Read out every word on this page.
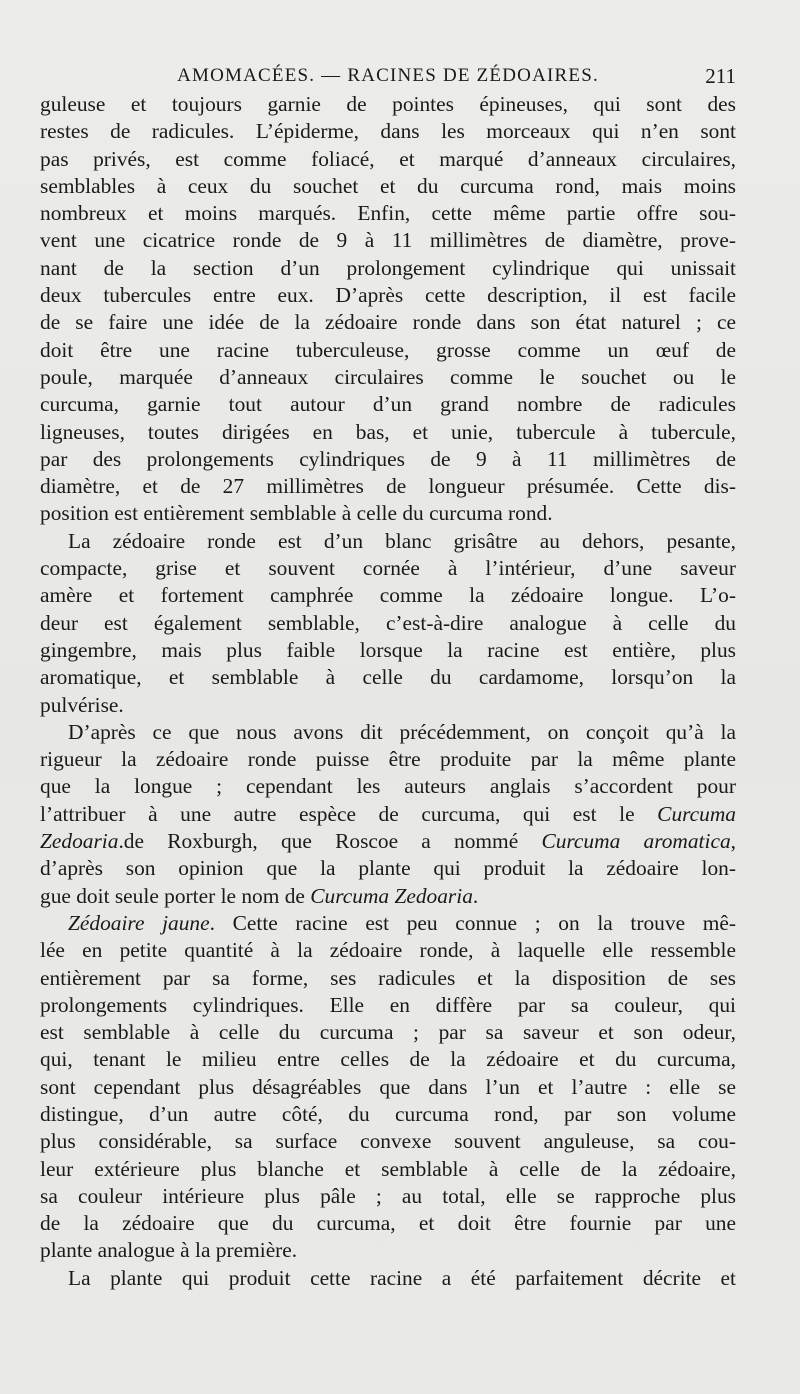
AMOMACÉES. — RACINES DE ZÉDOAIRES.	211
guleuse et toujours garnie de pointes épineuses, qui sont des
restes de radicules. L’épiderme, dans les morceaux qui n’en sont
pas privés, est comme foliacé, et marqué d’anneaux circulaires,
semblables à ceux du souchet et du curcuma rond, mais moins
nombreux et moins marqués. Enfin, cette même partie offre sou-
vent une cicatrice ronde de 9 à 11 millimètres de diamètre, prove-
nant de la section d’un prolongement cylindrique qui unissait
deux tubercules entre eux. D’après cette description, il est facile
de se faire une idée de la zédoaire ronde dans son état naturel ; ce
doit être une racine tuberculeuse, grosse comme un œuf de
poule, marquée d’anneaux circulaires comme le souchet ou le
curcuma, garnie tout autour d’un grand nombre de radicules
ligneuses, toutes dirigées en bas, et unie, tubercule à tubercule,
par des prolongements cylindriques de 9 à 11 millimètres de
diamètre, et de 27 millimètres de longueur présumée. Cette dis-
position est entièrement semblable à celle du curcuma rond.
La zédoaire ronde est d’un blanc grisâtre au dehors, pesante,
compacte, grise et souvent cornée à l’intérieur, d’une saveur
amère et fortement camphrée comme la zédoaire longue. L’o-
deur est également semblable, c’est-à-dire analogue à celle du
gingembre, mais plus faible lorsque la racine est entière, plus
aromatique, et semblable à celle du cardamome, lorsqu’on la
pulvérise.
D’après ce que nous avons dit précédemment, on conçoit qu’à la
rigueur la zédoaire ronde puisse être produite par la même plante
que la longue ; cependant les auteurs anglais s’accordent pour
l’attribuer à une autre espèce de curcuma, qui est le Curcuma
Zedoaria.de Roxburgh, que Roscoe a nommé Curcuma aromatica,
d’après son opinion que la plante qui produit la zédoaire lon-
gue doit seule porter le nom de Curcuma Zedoaria.
Zédoaire jaune. Cette racine est peu connue ; on la trouve mê-
lée en petite quantité à la zédoaire ronde, à laquelle elle ressemble
entièrement par sa forme, ses radicules et la disposition de ses
prolongements cylindriques. Elle en diffère par sa couleur, qui
est semblable à celle du curcuma ; par sa saveur et son odeur,
qui, tenant le milieu entre celles de la zédoaire et du curcuma,
sont cependant plus désagréables que dans l’un et l’autre : elle se
distingue, d’un autre côté, du curcuma rond, par son volume
plus considérable, sa surface convexe souvent anguleuse, sa cou-
leur extérieure plus blanche et semblable à celle de la zédoaire,
sa couleur intérieure plus pâle ; au total, elle se rapproche plus
de la zédoaire que du curcuma, et doit être fournie par une
plante analogue à la première.
La plante qui produit cette racine a été parfaitement décrite et
